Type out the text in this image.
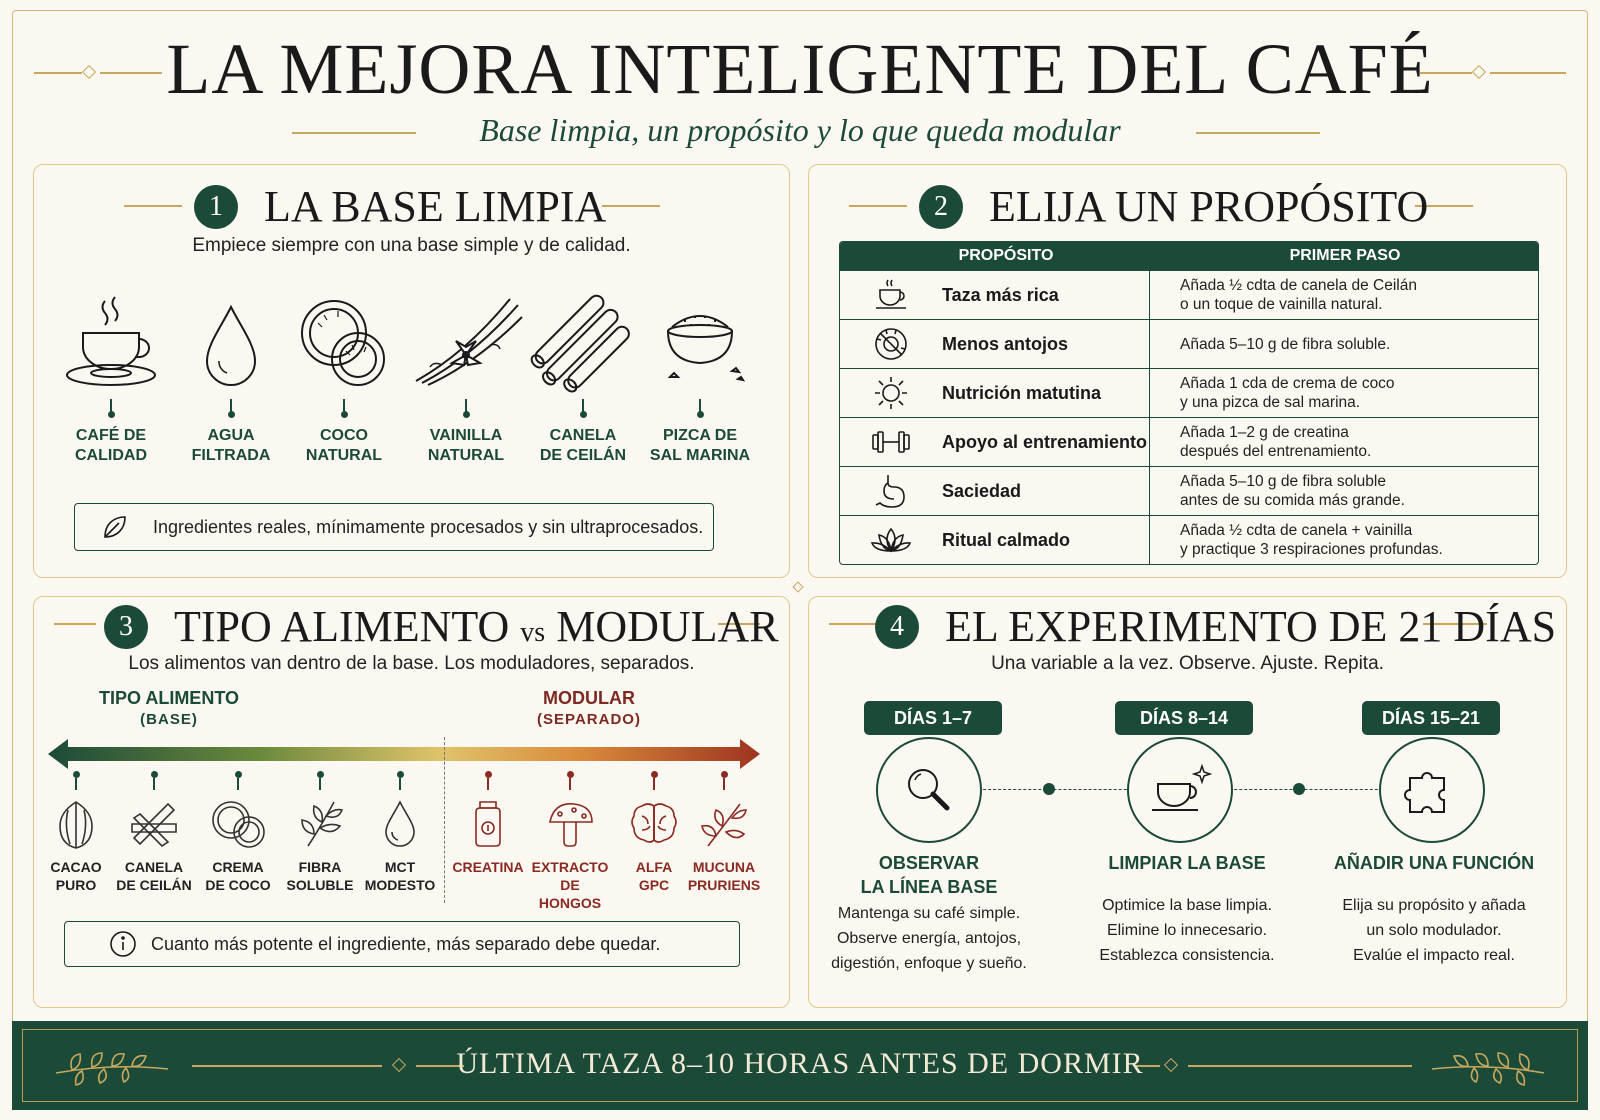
LA MEJORA INTELIGENTE DEL CAFÉ
Base limpia, un propósito y lo que queda modular
1 LA BASE LIMPIA
Empiece siempre con una base simple y de calidad.
CAFÉ DE
CALIDAD
AGUA
FILTRADA
COCO
NATURAL
VAINILLA
NATURAL
CANELA
DE CEILÁN
PIZCA DE
SAL MARINA
Ingredientes reales, mínimamente procesados y sin ultraprocesados.
2 ELIJA UN PROPÓSITO
PROPÓSITO	PRIMER PASO
Taza más rica	Añada ½ cdta de canela de Ceilán
o un toque de vainilla natural.
Menos antojos	Añada 5–10 g de fibra soluble.
Nutrición matutina	Añada 1 cda de crema de coco
y una pizca de sal marina.
Apoyo al entrenamiento	Añada 1–2 g de creatina
después del entrenamiento.
Saciedad	Añada 5–10 g de fibra soluble
antes de su comida más grande.
Ritual calmado	Añada ½ cdta de canela + vainilla
y practique 3 respiraciones profundas.
3 TIPO ALIMENTO vs MODULAR
Los alimentos van dentro de la base. Los moduladores, separados.
TIPO ALIMENTO
(BASE)
MODULAR
(SEPARADO)
CACAO
PURO
CANELA
DE CEILÁN
CREMA
DE COCO
FIBRA
SOLUBLE
MCT
MODESTO
CREATINA EXTRACTO
DE HONGOS
ALFA
GPC
MUCUNA
PRURIENS
Cuanto más potente el ingrediente, más separado debe quedar.
4 EL EXPERIMENTO DE 21 DÍAS
Una variable a la vez. Observe. Ajuste. Repita.
DÍAS 1–7
OBSERVAR
LA LÍNEA BASE
Mantenga su café simple.
Observe energía, antojos,
digestión, enfoque y sueño.
DÍAS 8–14
LIMPIAR LA BASE
Optimice la base limpia.
Elimine lo innecesario.
Establezca consistencia.
DÍAS 15–21
AÑADIR UNA FUNCIÓN
Elija su propósito y añada
un solo modulador.
Evalúe el impacto real.
ÚLTIMA TAZA 8–10 HORAS ANTES DE DORMIR
